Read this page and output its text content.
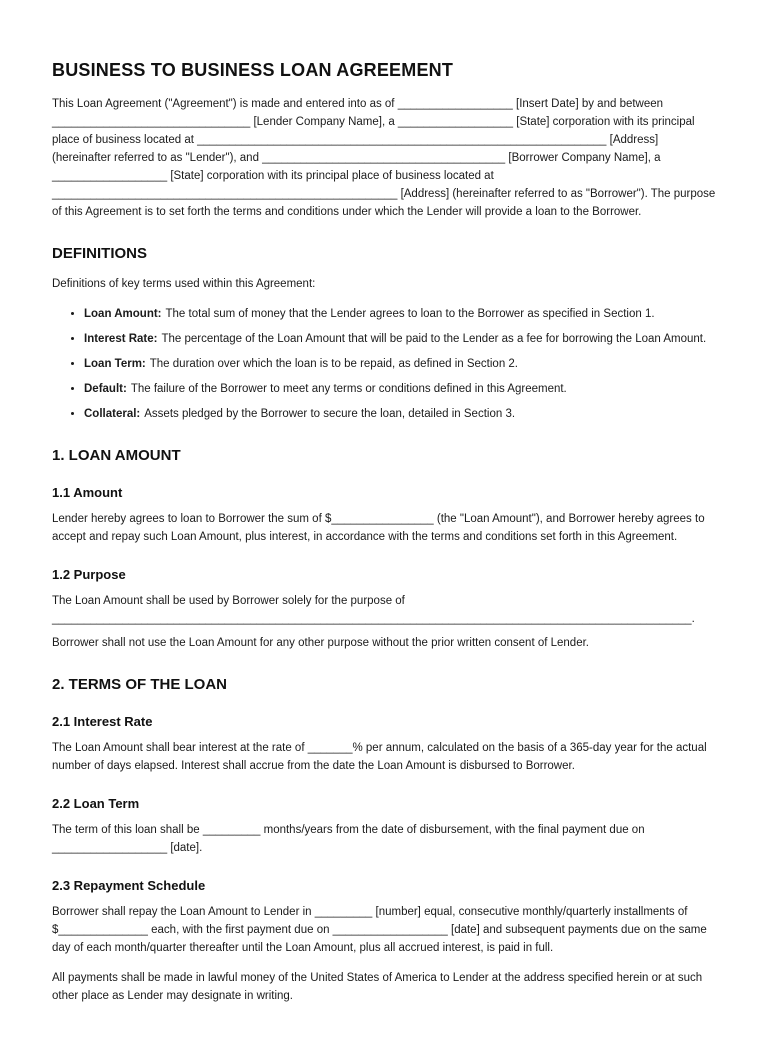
BUSINESS TO BUSINESS LOAN AGREEMENT

This Loan Agreement ("Agreement") is made and entered into as of __________________ [Insert Date] by and between _______________________________ [Lender Company Name], a __________________ [State] corporation with its principal place of business located at ________________________________________________________________ [Address] (hereinafter referred to as "Lender"), and ______________________________________ [Borrower Company Name], a __________________ [State] corporation with its principal place of business located at ______________________________________________________ [Address] (hereinafter referred to as "Borrower"). The purpose of this Agreement is to set forth the terms and conditions under which the Lender will provide a loan to the Borrower.

DEFINITIONS

Definitions of key terms used within this Agreement:

• Loan Amount: The total sum of money that the Lender agrees to loan to the Borrower as specified in Section 1.
• Interest Rate: The percentage of the Loan Amount that will be paid to the Lender as a fee for borrowing the Loan Amount.
• Loan Term: The duration over which the loan is to be repaid, as defined in Section 2.
• Default: The failure of the Borrower to meet any terms or conditions defined in this Agreement.
• Collateral: Assets pledged by the Borrower to secure the loan, detailed in Section 3.
1. LOAN AMOUNT
1.1 Amount

Lender hereby agrees to loan to Borrower the sum of $________________ (the "Loan Amount"), and Borrower hereby agrees to accept and repay such Loan Amount, plus interest, in accordance with the terms and conditions set forth in this Agreement.

1.2 Purpose

The Loan Amount shall be used by Borrower solely for the purpose of
____________________________________________________________________________________________________.

Borrower shall not use the Loan Amount for any other purpose without the prior written consent of Lender.

2. TERMS OF THE LOAN
2.1 Interest Rate

The Loan Amount shall bear interest at the rate of _______% per annum, calculated on the basis of a 365-day year for the actual number of days elapsed. Interest shall accrue from the date the Loan Amount is disbursed to Borrower.

2.2 Loan Term

The term of this loan shall be _________ months/years from the date of disbursement, with the final payment due on __________________ [date].

2.3 Repayment Schedule

Borrower shall repay the Loan Amount to Lender in _________ [number] equal, consecutive monthly/quarterly installments of $______________ each, with the first payment due on __________________ [date] and subsequent payments due on the same day of each month/quarter thereafter until the Loan Amount, plus all accrued interest, is paid in full.

All payments shall be made in lawful money of the United States of America to Lender at the address specified herein or at such other place as Lender may designate in writing.
